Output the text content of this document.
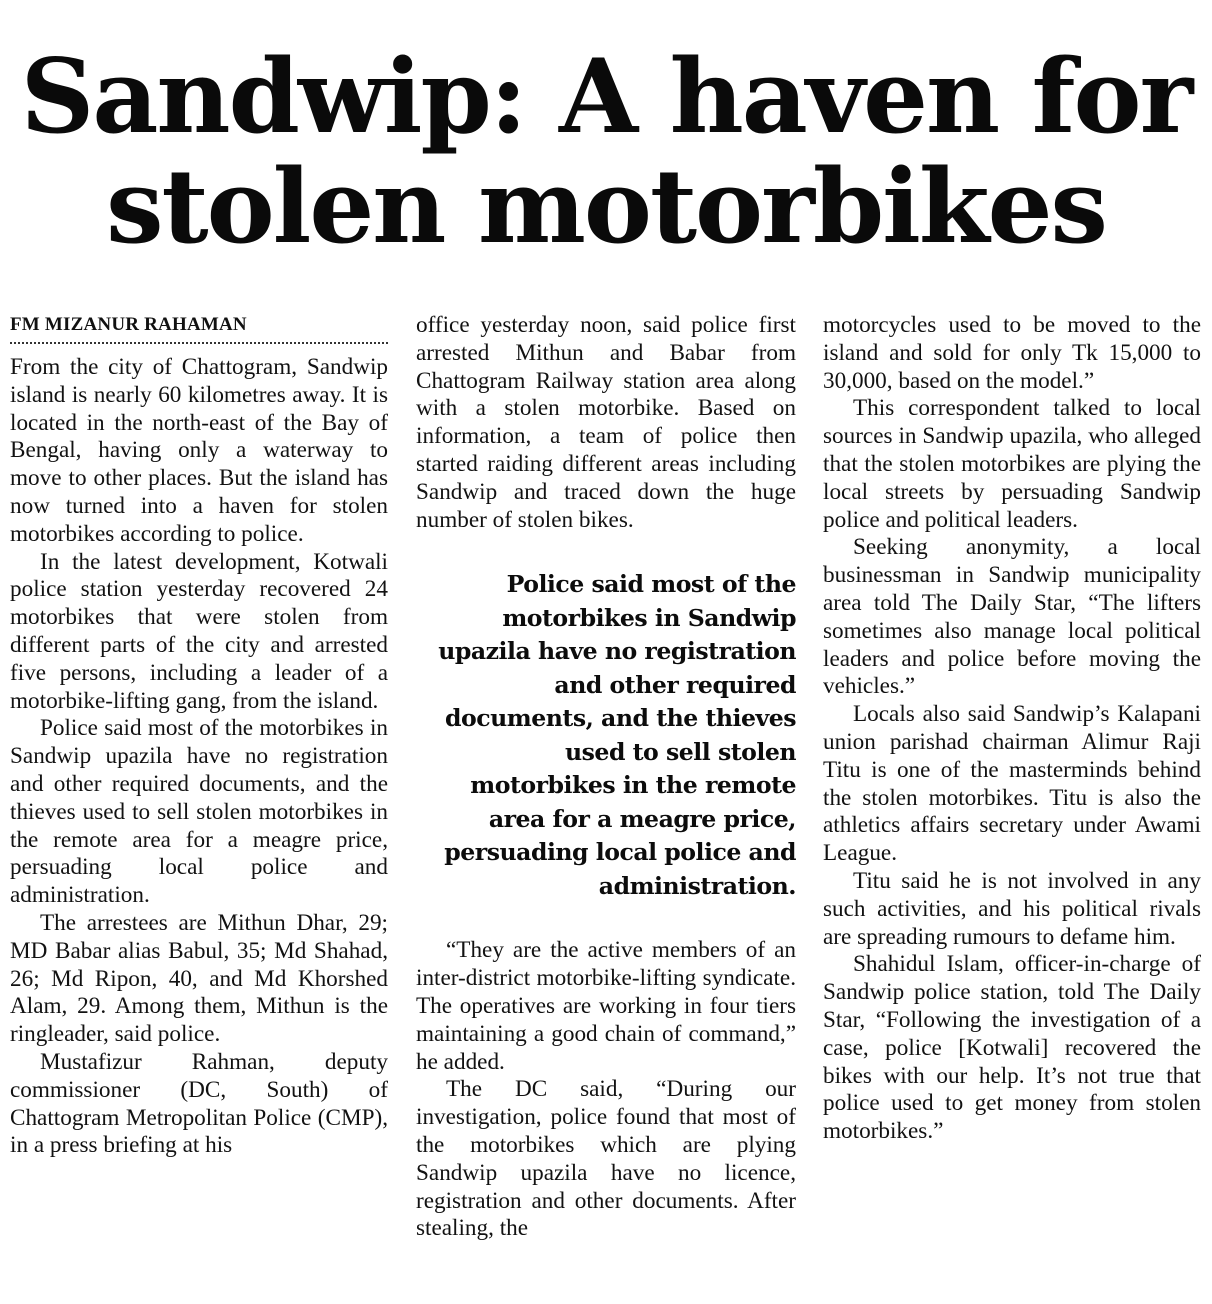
Sandwip: A haven for
stolen motorbikes
FM MIZANUR RAHAMAN

From the city of Chattogram, Sandwip island is nearly 60 kilometres away. It is located in the north-east of the Bay of Bengal, having only a waterway to move to other places. But the island has now turned into a haven for stolen motorbikes according to police.

In the latest development, Kotwali police station yesterday recovered 24 motorbikes that were stolen from different parts of the city and arrested five persons, including a leader of a motorbike-lifting gang, from the island.

Police said most of the motorbikes in Sandwip upazila have no registration and other required documents, and the thieves used to sell stolen motorbikes in the remote area for a meagre price, persuading local police and administration.

The arrestees are Mithun Dhar, 29; MD Babar alias Babul, 35; Md Shahad, 26; Md Ripon, 40, and Md Khorshed Alam, 29. Among them, Mithun is the ringleader, said police.

Mustafizur Rahman, deputy commissioner (DC, South) of Chattogram Metropolitan Police (CMP), in a press briefing at his

office yesterday noon, said police first arrested Mithun and Babar from Chattogram Railway station area along with a stolen motorbike. Based on information, a team of police then started raiding different areas including Sandwip and traced down the huge number of stolen bikes.

Police said most of the motorbikes in Sandwip upazila have no registration and other required documents, and the thieves used to sell stolen motorbikes in the remote area for a meagre price, persuading local police and administration.

“They are the active members of an inter-district motorbike-lifting syndicate. The operatives are working in four tiers maintaining a good chain of command,” he added.

The DC said, “During our investigation, police found that most of the motorbikes which are plying Sandwip upazila have no licence, registration and other documents. After stealing, the

motorcycles used to be moved to the island and sold for only Tk 15,000 to 30,000, based on the model.”

This correspondent talked to local sources in Sandwip upazila, who alleged that the stolen motorbikes are plying the local streets by persuading Sandwip police and political leaders.

Seeking anonymity, a local businessman in Sandwip municipality area told The Daily Star, “The lifters sometimes also manage local political leaders and police before moving the vehicles.”

Locals also said Sandwip’s Kalapani union parishad chairman Alimur Raji Titu is one of the masterminds behind the stolen motorbikes. Titu is also the athletics affairs secretary under Awami League.

Titu said he is not involved in any such activities, and his political rivals are spreading rumours to defame him.

Shahidul Islam, officer-in-charge of Sandwip police station, told The Daily Star, “Following the investigation of a case, police [Kotwali] recovered the bikes with our help. It’s not true that police used to get money from stolen motorbikes.”
